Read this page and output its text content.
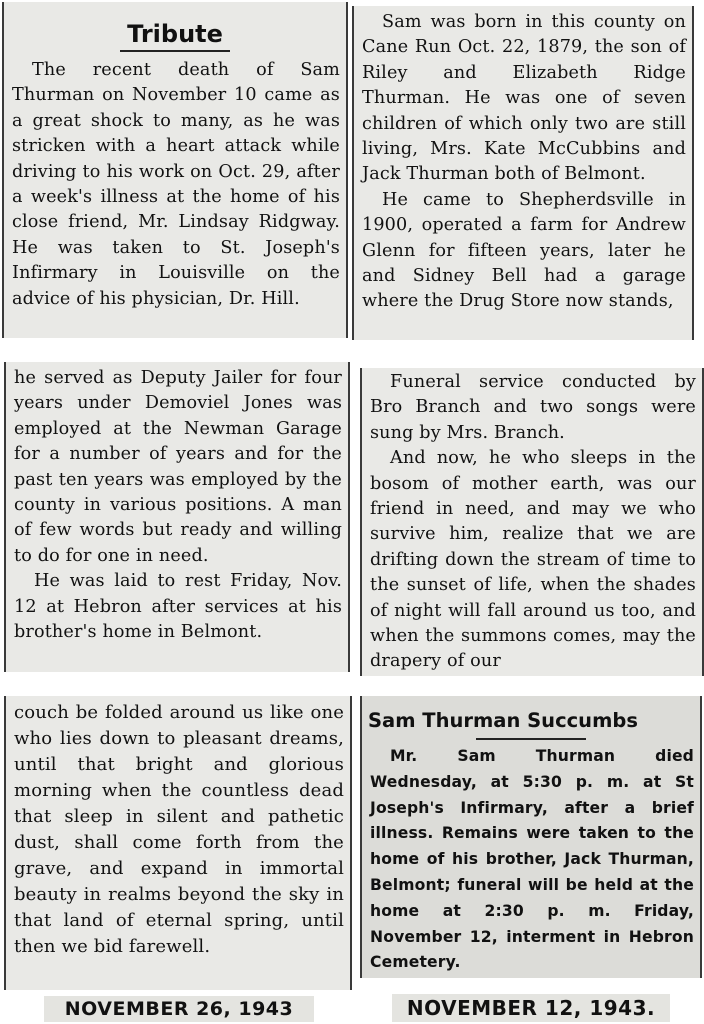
Tribute

The recent death of Sam Thurman on November 10 came as a great shock to many, as he was stricken with a heart attack while driving to his work on Oct. 29, after a week's illness at the home of his close friend, Mr. Lindsay Ridgway. He was taken to St. Joseph's Infirmary in Louisville on the advice of his physician, Dr. Hill.

Sam was born in this county on Cane Run Oct. 22, 1879, the son of Riley and Elizabeth Ridge Thurman. He was one of seven children of which only two are still living, Mrs. Kate McCubbins and Jack Thurman both of Belmont.

He came to Shepherdsville in 1900, operated a farm for Andrew Glenn for fifteen years, later he and Sidney Bell had a garage where the Drug Store now stands,

he served as Deputy Jailer for four years under Demoviel Jones was employed at the Newman Garage for a number of years and for the past ten years was employed by the county in various positions. A man of few words but ready and willing to do for one in need.

He was laid to rest Friday, Nov. 12 at Hebron after services at his brother's home in Belmont.

Funeral service conducted by Bro Branch and two songs were sung by Mrs. Branch.

And now, he who sleeps in the bosom of mother earth, was our friend in need, and may we who survive him, realize that we are drifting down the stream of time to the sunset of life, when the shades of night will fall around us too, and when the summons comes, may the drapery of our

couch be folded around us like one who lies down to pleasant dreams, until that bright and glorious morning when the countless dead that sleep in silent and pathetic dust, shall come forth from the grave, and expand in immortal beauty in realms beyond the sky in that land of eternal spring, until then we bid farewell.

NOVEMBER 26, 1943
Sam Thurman Succumbs

Mr. Sam Thurman died Wednesday, at 5:30 p. m. at St Joseph's Infirmary, after a brief illness. Remains were taken to the home of his brother, Jack Thurman, Belmont; funeral will be held at the home at 2:30 p. m. Friday, November 12, interment in Hebron Cemetery.

NOVEMBER 12, 1943.
